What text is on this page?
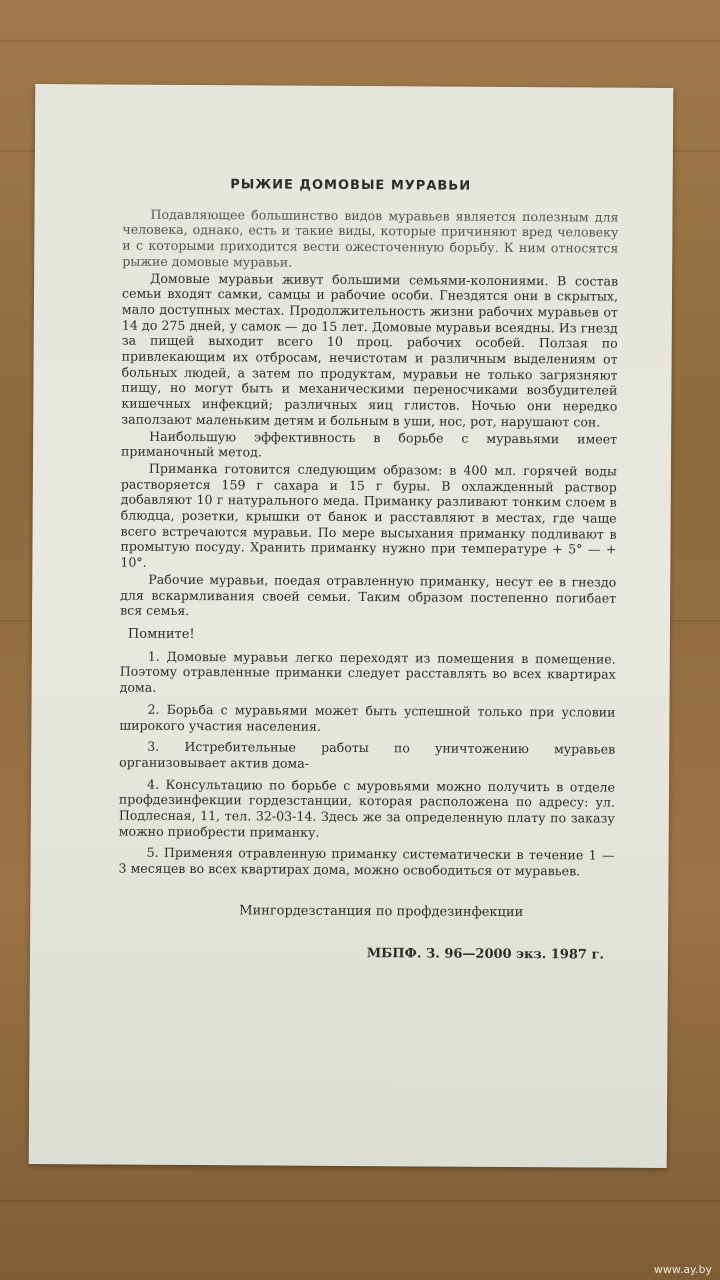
РЫЖИЕ ДОМОВЫЕ МУРАВЬИ

Подавляющее большинство видов муравьев является полезным для человека, однако, есть и такие виды, которые причиняют вред человеку и с которыми приходится вести ожесточенную борьбу. К ним относятся рыжие домовые муравьи.

Домовые муравьи живут большими семьями-колониями. В состав семьи входят самки, самцы и рабочие особи. Гнездятся они в скрытых, мало доступных местах. Продолжительность жизни рабочих муравьев от 14 до 275 дней, у самок — до 15 лет. Домовые муравьи всеядны. Из гнезд за пищей выходит всего 10 проц. рабочих особей. Ползая по привлекающим их отбросам, нечистотам и различным выделениям от больных людей, а затем по продуктам, муравьи не только загрязняют пищу, но могут быть и механическими переносчиками возбудителей кишечных инфекций; различных яиц глистов. Ночью они нередко заползают маленьким детям и больным в уши, нос, рот, нарушают сон.

Наибольшую эффективность в борьбе с муравьями имеет приманочный метод.

Приманка готовится следующим образом: в 400 мл. горячей воды растворяется 159 г сахара и 15 г буры. В охлажденный раствор добавляют 10 г натурального меда. Приманку разливают тонким слоем в блюдца, розетки, крышки от банок и расставляют в местах, где чаще всего встречаются муравьи. По мере высыхания приманку подливают в промытую посуду. Хранить приманку нужно при температуре + 5° — + 10°.

Рабочие муравьи, поедая отравленную приманку, несут ее в гнездо для вскармливания своей семьи. Таким образом постепенно погибает вся семья.

Помните!
1. Домовые муравьи легко переходят из помещения в помещение. Поэтому отравленные приманки следует расставлять во всех квартирах дома.
2. Борьба с муравьями может быть успешной только при условии широкого участия населения.
3. Истребительные работы по уничтожению муравьев организовывает актив дома-
4. Консультацию по борьбе с муровьями можно получить в отделе профдезинфекции гордезстанции, которая расположена по адресу: ул. Подлесная, 11, тел. 32-03-14. Здесь же за определенную плату по заказу можно приобрести приманку.
5. Применяя отравленную приманку систематически в течение 1 — 3 месяцев во всех квартирах дома, можно освободиться от муравьев.
Мингордезстанция по профдезинфекции
МБПФ. З. 96—2000 экз. 1987 г.
www.ay.by
